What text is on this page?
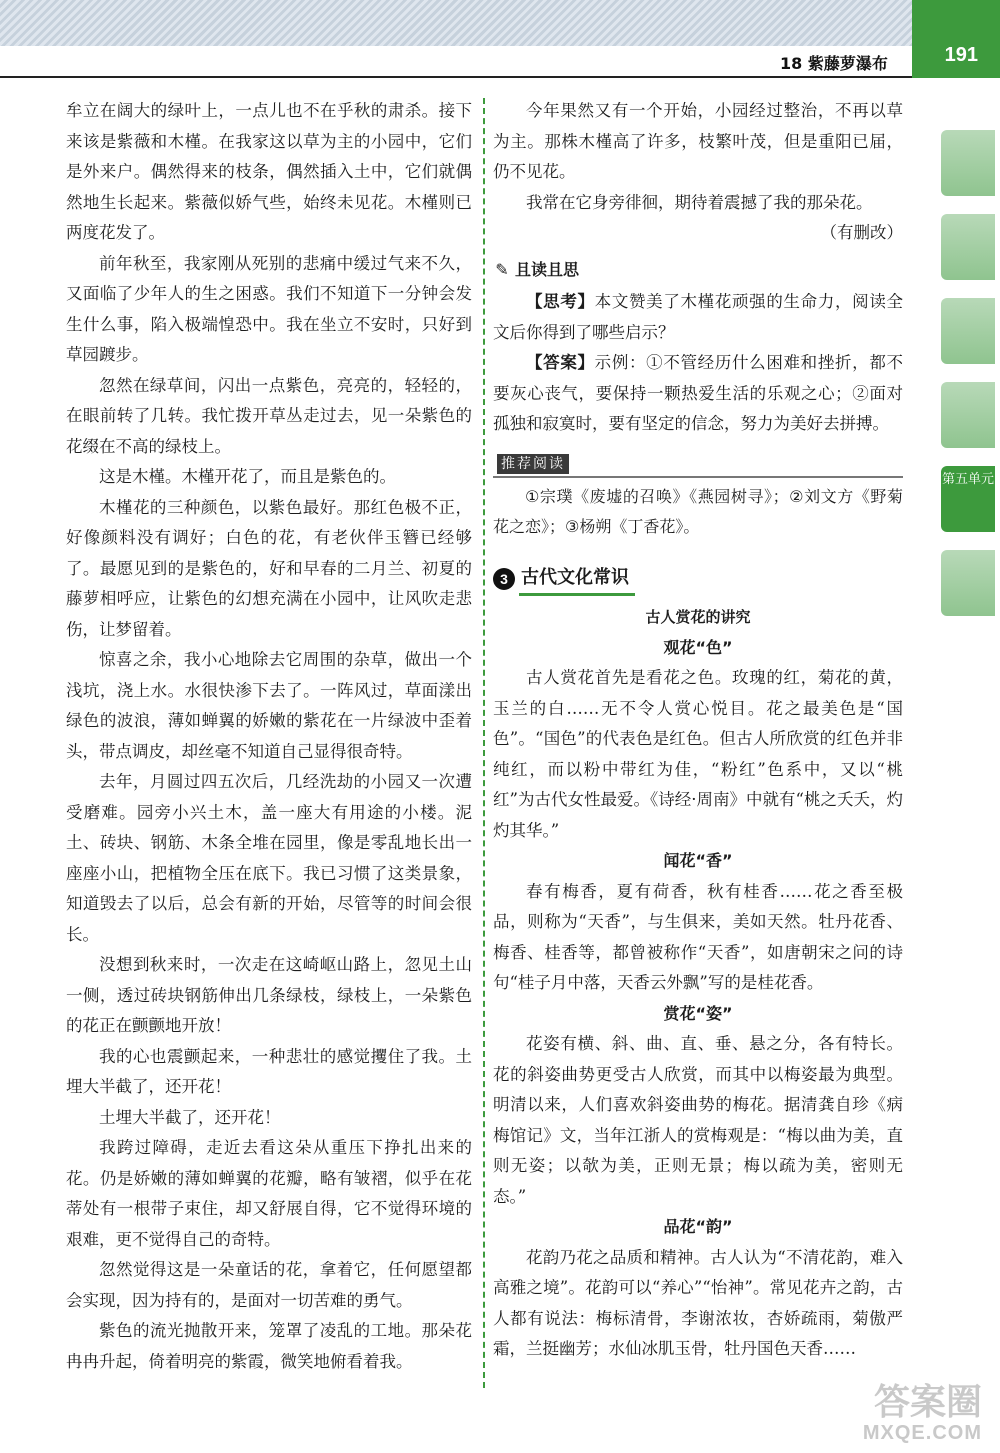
191
18 紫藤萝瀑布

牟立在阔大的绿叶上，一点儿也不在乎秋的肃杀。接下来该是紫薇和木槿。在我家这以草为主的小园中，它们是外来户。偶然得来的枝条，偶然插入土中，它们就偶然地生长起来。紫薇似娇气些，始终未见花。木槿则已两度花发了。

前年秋至，我家刚从死别的悲痛中缓过气来不久，又面临了少年人的生之困惑。我们不知道下一分钟会发生什么事，陷入极端惶恐中。我在坐立不安时，只好到草园踱步。

忽然在绿草间，闪出一点紫色，亮亮的，轻轻的，在眼前转了几转。我忙拨开草丛走过去，见一朵紫色的花缀在不高的绿枝上。

这是木槿。木槿开花了，而且是紫色的。

木槿花的三种颜色，以紫色最好。那红色极不正，好像颜料没有调好；白色的花，有老伙伴玉簪已经够了。最愿见到的是紫色的，好和早春的二月兰、初夏的藤萝相呼应，让紫色的幻想充满在小园中，让风吹走悲伤，让梦留着。

惊喜之余，我小心地除去它周围的杂草，做出一个浅坑，浇上水。水很快渗下去了。一阵风过，草面漾出绿色的波浪，薄如蝉翼的娇嫩的紫花在一片绿波中歪着头，带点调皮，却丝毫不知道自己显得很奇特。

去年，月圆过四五次后，几经洗劫的小园又一次遭受磨难。园旁小兴土木，盖一座大有用途的小楼。泥土、砖块、钢筋、木条全堆在园里，像是零乱地长出一座座小山，把植物全压在底下。我已习惯了这类景象，知道毁去了以后，总会有新的开始，尽管等的时间会很长。

没想到秋来时，一次走在这崎岖山路上，忽见土山一侧，透过砖块钢筋伸出几条绿枝，绿枝上，一朵紫色的花正在颤颤地开放！

我的心也震颤起来，一种悲壮的感觉攫住了我。土埋大半截了，还开花！

土埋大半截了，还开花！

我跨过障碍，走近去看这朵从重压下挣扎出来的花。仍是娇嫩的薄如蝉翼的花瓣，略有皱褶，似乎在花蒂处有一根带子束住，却又舒展自得，它不觉得环境的艰难，更不觉得自己的奇特。

忽然觉得这是一朵童话的花，拿着它，任何愿望都会实现，因为持有的，是面对一切苦难的勇气。

紫色的流光抛散开来，笼罩了凌乱的工地。那朵花冉冉升起，倚着明亮的紫霞，微笑地俯看着我。

今年果然又有一个开始，小园经过整治，不再以草为主。那株木槿高了许多，枝繁叶茂，但是重阳已届，仍不见花。

我常在它身旁徘徊，期待着震撼了我的那朵花。

（有删改）

✎ 且读且思

【思考】本文赞美了木槿花顽强的生命力，阅读全文后你得到了哪些启示？

【答案】示例：①不管经历什么困难和挫折，都不要灰心丧气，要保持一颗热爱生活的乐观之心；②面对孤独和寂寞时，要有坚定的信念，努力为美好去拼搏。

推荐阅读

①宗璞《废墟的召唤》《燕园树寻》；②刘文方《野菊花之恋》；③杨朔《丁香花》。

3 古代文化常识

古人赏花的讲究

观花“色”

古人赏花首先是看花之色。玫瑰的红，菊花的黄，玉兰的白……无不令人赏心悦目。花之最美色是“国色”。“国色”的代表色是红色。但古人所欣赏的红色并非纯红，而以粉中带红为佳，“粉红”色系中，又以“桃红”为古代女性最爱。《诗经·周南》中就有“桃之夭夭，灼灼其华。”

闻花“香”

春有梅香，夏有荷香，秋有桂香……花之香至极品，则称为“天香”，与生俱来，美如天然。牡丹花香、梅香、桂香等，都曾被称作“天香”，如唐朝宋之问的诗句“桂子月中落，天香云外飘”写的是桂花香。

赏花“姿”

花姿有横、斜、曲、直、垂、悬之分，各有特长。花的斜姿曲势更受古人欣赏，而其中以梅姿最为典型。明清以来，人们喜欢斜姿曲势的梅花。据清龚自珍《病梅馆记》文，当年江浙人的赏梅观是：“梅以曲为美，直则无姿；以欹为美，正则无景；梅以疏为美，密则无态。”

品花“韵”

花韵乃花之品质和精神。古人认为“不清花韵，难入高雅之境”。花韵可以“养心”“怡神”。常见花卉之韵，古人都有说法：梅标清骨，李谢浓妆，杏娇疏雨，菊傲严霜，兰挺幽芳；水仙冰肌玉骨，牡丹国色天香……

第五单元
答案圈
MXQE.COM
